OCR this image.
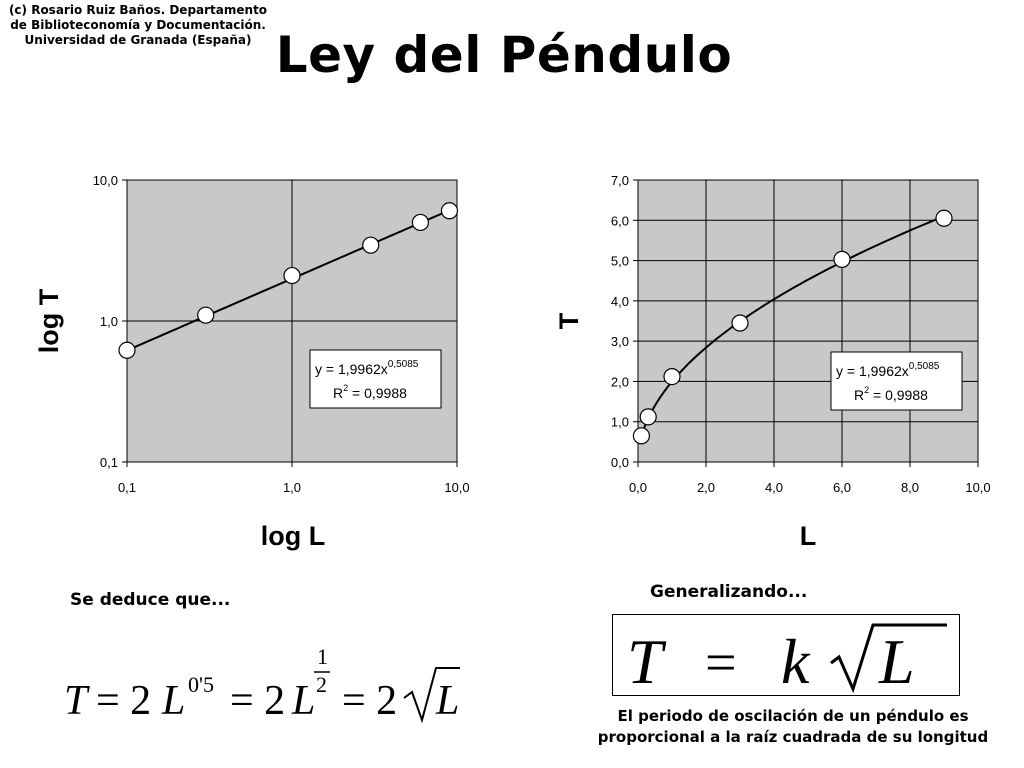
(c) Rosario Ruiz Baños. Departamento
de Biblioteconomía y Documentación.
Universidad de Granada (España) Ley del Péndulo
0,1	1,0	10,0
0,1
1,0
10,0
$y = 1,9962x^{0,5085}$
$R^2 = 0,9988$
log L
log T
0,0	2,0	4,0	6,0	8,0	10,0
0,0
1,0
2,0
3,0
4,0
5,0
6,0
7,0
$y = 1,9962x^{0,5085}$
$R^2 = 0,9988$
L
T
Se deduce que...	Generalizando...
T = 2 L 0'5 = 2 L
1
2 = 2 L
T = k L
El periodo de oscilación de un péndulo es
proporcional a la raíz cuadrada de su longitud
